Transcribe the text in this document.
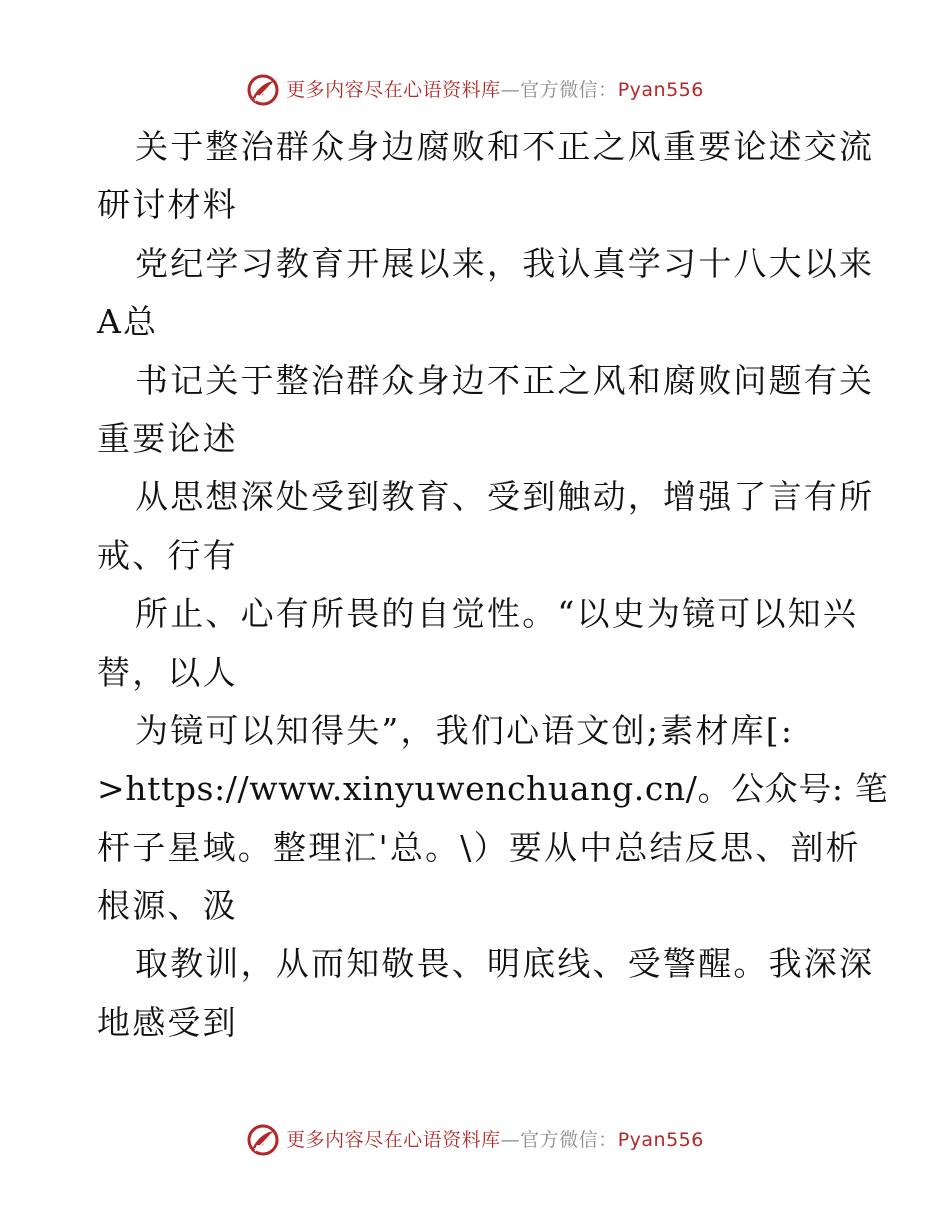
更多内容尽在心语资料库—官方微信：Pyan556
关于整治群众身边腐败和不正之风重要论述交流
研讨材料
党纪学习教育开展以来，我认真学习十八大以来
A总
书记关于整治群众身边不正之风和腐败问题有关
重要论述
从思想深处受到教育、受到触动，增强了言有所
戒、行有
所止、心有所畏的自觉性。“以史为镜可以知兴
替，以人
为镜可以知得失”，我们心语文创;素材库[:
>https://www.xinyuwenchuang.cn/。公众号: 笔
杆子星域。整理汇'总。\）要从中总结反思、剖析
根源、汲
取教训，从而知敬畏、明底线、受警醒。我深深
地感受到
更多内容尽在心语资料库—官方微信：Pyan556
